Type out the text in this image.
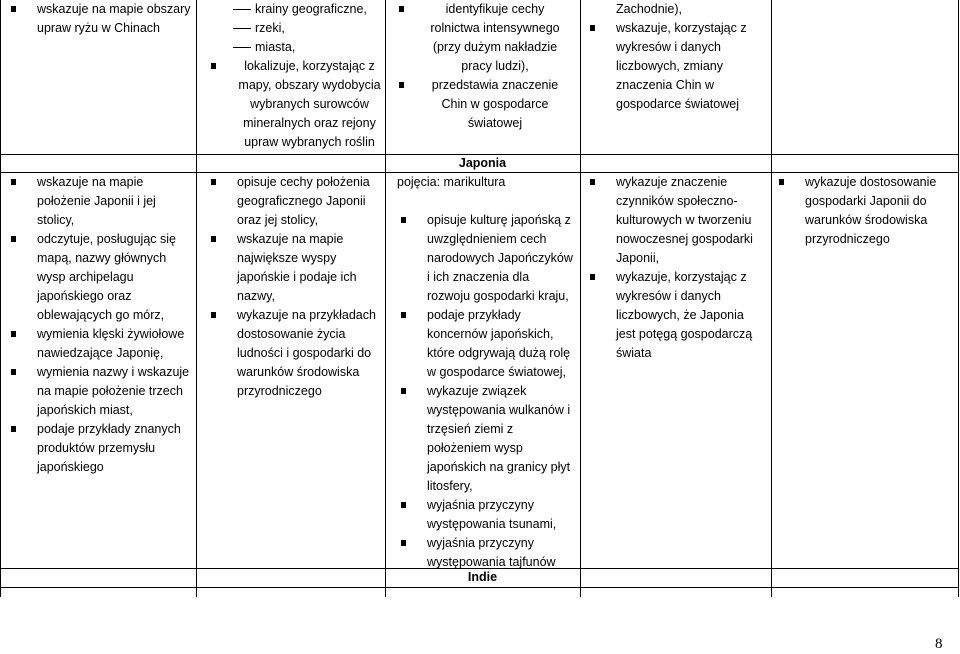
wskazuje na mapie obszary upraw ryżu w Chinach
krainy geograficzne,
rzeki,
miasta,
lokalizuje, korzystając z mapy, obszary wydobycia wybranych surowców mineralnych oraz rejony upraw wybranych roślin
identyfikuje cechy rolnictwa intensywnego (przy dużym nakładzie pracy ludzi),
przedstawia znaczenie Chin w gospodarce światowej
Zachodnie),
wskazuje, korzystając z wykresów i danych liczbowych, zmiany znaczenia Chin w gospodarce światowej
Japonia
wskazuje na mapie położenie Japonii i jej stolicy,
odczytuje, posługując się mapą, nazwy głównych wysp archipelagu japońskiego oraz oblewających go mórz,
wymienia klęski żywiołowe nawiedzające Japonię,
wymienia nazwy i wskazuje na mapie położenie trzech japońskich miast,
podaje przykłady znanych produktów przemysłu japońskiego
opisuje cechy położenia geograficznego Japonii oraz jej stolicy,
wskazuje na mapie największe wyspy japońskie i podaje ich nazwy,
wykazuje na przykładach dostosowanie życia ludności i gospodarki do warunków środowiska przyrodniczego
pojęcia: marikultura
opisuje kulturę japońską z uwzględnieniem cech narodowych Japończyków i ich znaczenia dla rozwoju gospodarki kraju,
podaje przykłady koncernów japońskich, które odgrywają dużą rolę w gospodarce światowej,
wykazuje związek występowania wulkanów i trzęsień ziemi z położeniem wysp japońskich na granicy płyt litosfery,
wyjaśnia przyczyny występowania tsunami,
wyjaśnia przyczyny występowania tajfunów
wykazuje znaczenie czynników społeczno-kulturowych w tworzeniu nowoczesnej gospodarki Japonii,
wykazuje, korzystając z wykresów i danych liczbowych, że Japonia jest potęgą gospodarczą świata
wykazuje dostosowanie gospodarki Japonii do warunków środowiska przyrodniczego
Indie
8
